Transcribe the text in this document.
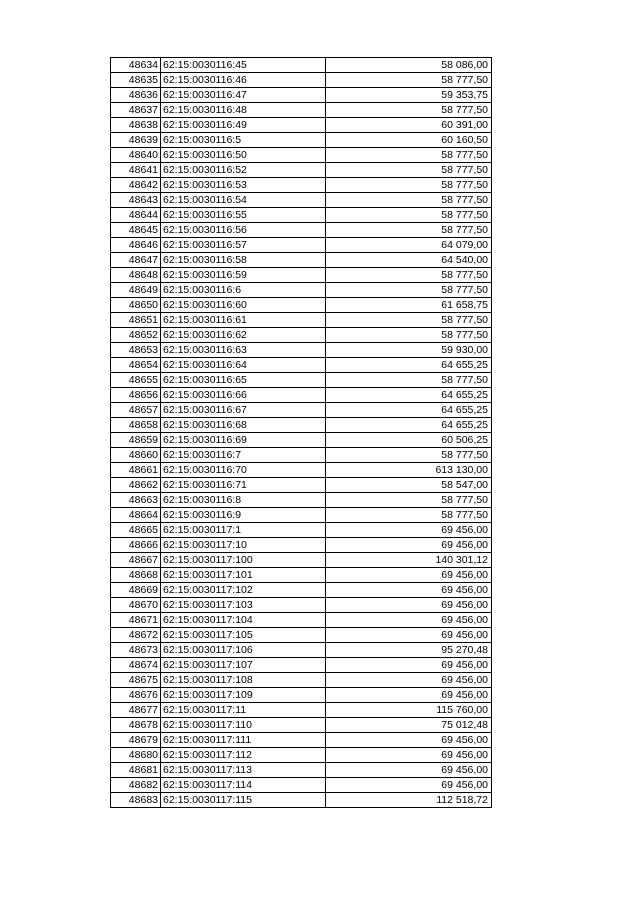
48634	62:15:0030116:45	58 086,00
48635	62:15:0030116:46	58 777,50
48636	62:15:0030116:47	59 353,75
48637	62:15:0030116:48	58 777,50
48638	62:15:0030116:49	60 391,00
48639	62:15:0030116:5	60 160,50
48640	62:15:0030116:50	58 777,50
48641	62:15:0030116:52	58 777,50
48642	62:15:0030116:53	58 777,50
48643	62:15:0030116:54	58 777,50
48644	62:15:0030116:55	58 777,50
48645	62:15:0030116:56	58 777,50
48646	62:15:0030116:57	64 079,00
48647	62:15:0030116:58	64 540,00
48648	62:15:0030116:59	58 777,50
48649	62:15:0030116:6	58 777,50
48650	62:15:0030116:60	61 658,75
48651	62:15:0030116:61	58 777,50
48652	62:15:0030116:62	58 777,50
48653	62:15:0030116:63	59 930,00
48654	62:15:0030116:64	64 655,25
48655	62:15:0030116:65	58 777,50
48656	62:15:0030116:66	64 655,25
48657	62:15:0030116:67	64 655,25
48658	62:15:0030116:68	64 655,25
48659	62:15:0030116:69	60 506,25
48660	62:15:0030116:7	58 777,50
48661	62:15:0030116:70	613 130,00
48662	62:15:0030116:71	58 547,00
48663	62:15:0030116:8	58 777,50
48664	62:15:0030116:9	58 777,50
48665	62:15:0030117:1	69 456,00
48666	62:15:0030117:10	69 456,00
48667	62:15:0030117:100	140 301,12
48668	62:15:0030117:101	69 456,00
48669	62:15:0030117:102	69 456,00
48670	62:15:0030117:103	69 456,00
48671	62:15:0030117:104	69 456,00
48672	62:15:0030117:105	69 456,00
48673	62:15:0030117:106	95 270,48
48674	62:15:0030117:107	69 456,00
48675	62:15:0030117:108	69 456,00
48676	62:15:0030117:109	69 456,00
48677	62:15:0030117:11	115 760,00
48678	62:15:0030117:110	75 012,48
48679	62:15:0030117:111	69 456,00
48680	62:15:0030117:112	69 456,00
48681	62:15:0030117:113	69 456,00
48682	62:15:0030117:114	69 456,00
48683	62:15:0030117:115	112 518,72
